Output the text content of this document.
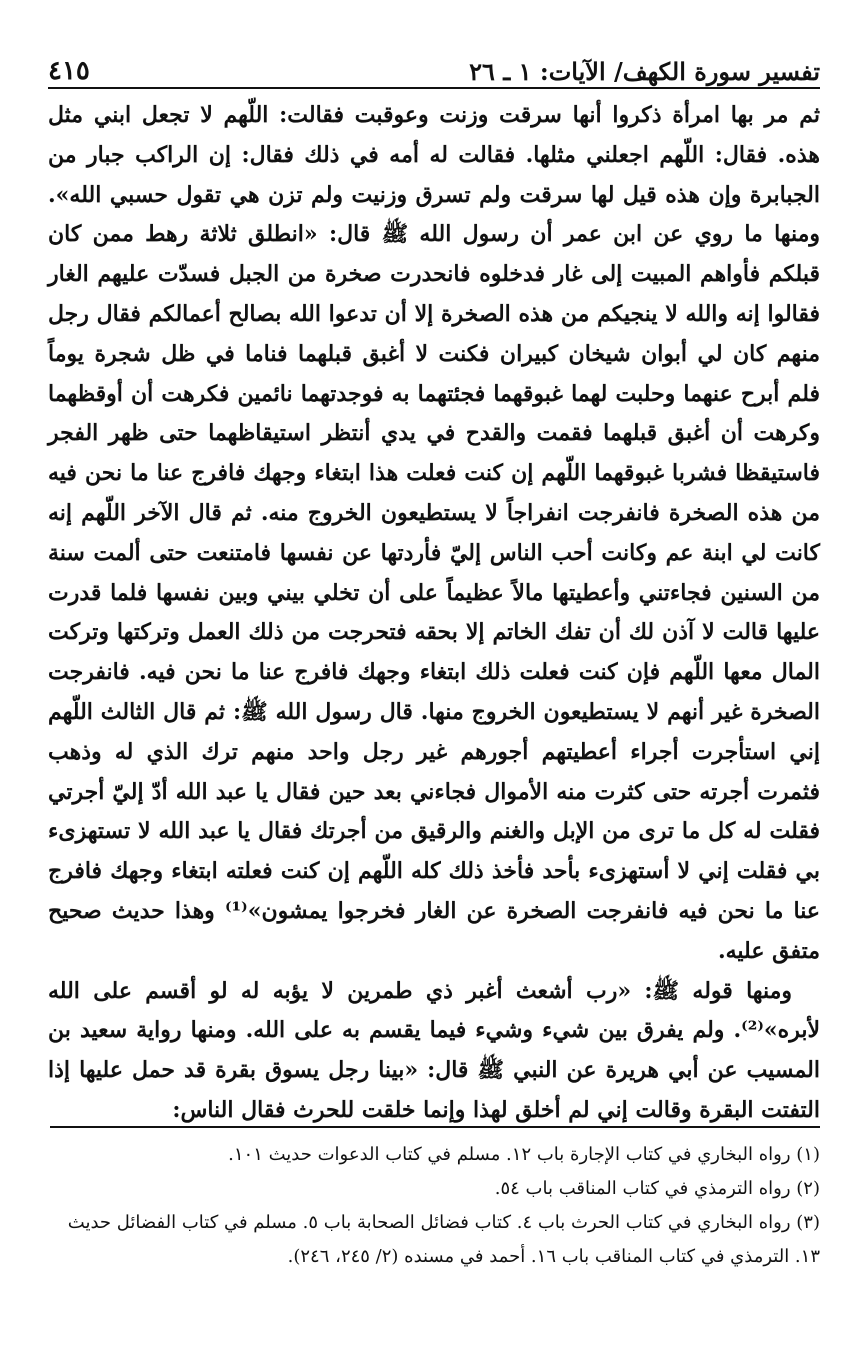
٤١٥	تفسير سورة الكهف/ الآيات: ١ ـ ٢٦

ثم مر بها امرأة ذكروا أنها سرقت وزنت وعوقبت فقالت: اللّهم لا تجعل ابني مثل هذه. فقال: اللّهم اجعلني مثلها. فقالت له أمه في ذلك فقال: إن الراكب جبار من الجبابرة وإن هذه قيل لها سرقت ولم تسرق وزنيت ولم تزن هي تقول حسبي الله». ومنها ما روي عن ابن عمر أن رسول الله ﷺ قال: «انطلق ثلاثة رهط ممن كان قبلكم فأواهم المبيت إلى غار فدخلوه فانحدرت صخرة من الجبل فسدّت عليهم الغار فقالوا إنه والله لا ينجيكم من هذه الصخرة إلا أن تدعوا الله بصالح أعمالكم فقال رجل منهم كان لي أبوان شيخان كبيران فكنت لا أغبق قبلهما فناما في ظل شجرة يوماً فلم أبرح عنهما وحلبت لهما غبوقهما فجئتهما به فوجدتهما نائمين فكرهت أن أوقظهما وكرهت أن أغبق قبلهما فقمت والقدح في يدي أنتظر استيقاظهما حتى ظهر الفجر فاستيقظا فشربا غبوقهما اللّهم إن كنت فعلت هذا ابتغاء وجهك فافرج عنا ما نحن فيه من هذه الصخرة فانفرجت انفراجاً لا يستطيعون الخروج منه. ثم قال الآخر اللّهم إنه كانت لي ابنة عم وكانت أحب الناس إليّ فأردتها عن نفسها فامتنعت حتى ألمت سنة من السنين فجاءتني وأعطيتها مالاً عظيماً على أن تخلي بيني وبين نفسها فلما قدرت عليها قالت لا آذن لك أن تفك الخاتم إلا بحقه فتحرجت من ذلك العمل وتركتها وتركت المال معها اللّهم فإن كنت فعلت ذلك ابتغاء وجهك فافرج عنا ما نحن فيه. فانفرجت الصخرة غير أنهم لا يستطيعون الخروج منها. قال رسول الله ﷺ: ثم قال الثالث اللّهم إني استأجرت أجراء أعطيتهم أجورهم غير رجل واحد منهم ترك الذي له وذهب فثمرت أجرته حتى كثرت منه الأموال فجاءني بعد حين فقال يا عبد الله أدّ إليّ أجرتي فقلت له كل ما ترى من الإبل والغنم والرقيق من أجرتك فقال يا عبد الله لا تستهزىء بي فقلت إني لا أستهزىء بأحد فأخذ ذلك كله اللّهم إن كنت فعلته ابتغاء وجهك فافرج عنا ما نحن فيه فانفرجت الصخرة عن الغار فخرجوا يمشون»⁽¹⁾ وهذا حديث صحيح متفق عليه.

ومنها قوله ﷺ: «رب أشعث أغبر ذي طمرين لا يؤبه له لو أقسم على الله لأبره»⁽²⁾. ولم يفرق بين شيء وشيء فيما يقسم به على الله. ومنها رواية سعيد بن المسيب عن أبي هريرة عن النبي ﷺ قال: «بينا رجل يسوق بقرة قد حمل عليها إذا التفتت البقرة وقالت إني لم أخلق لهذا وإنما خلقت للحرث فقال الناس:

(١) رواه البخاري في كتاب الإجارة باب ١٢. مسلم في كتاب الدعوات حديث ١٠١.

(٢) رواه الترمذي في كتاب المناقب باب ٥٤.

(٣) رواه البخاري في كتاب الحرث باب ٤. كتاب فضائل الصحابة باب ٥. مسلم في كتاب الفضائل حديث ١٣. الترمذي في كتاب المناقب باب ١٦. أحمد في مسنده (٢/ ٢٤٥، ٢٤٦).
